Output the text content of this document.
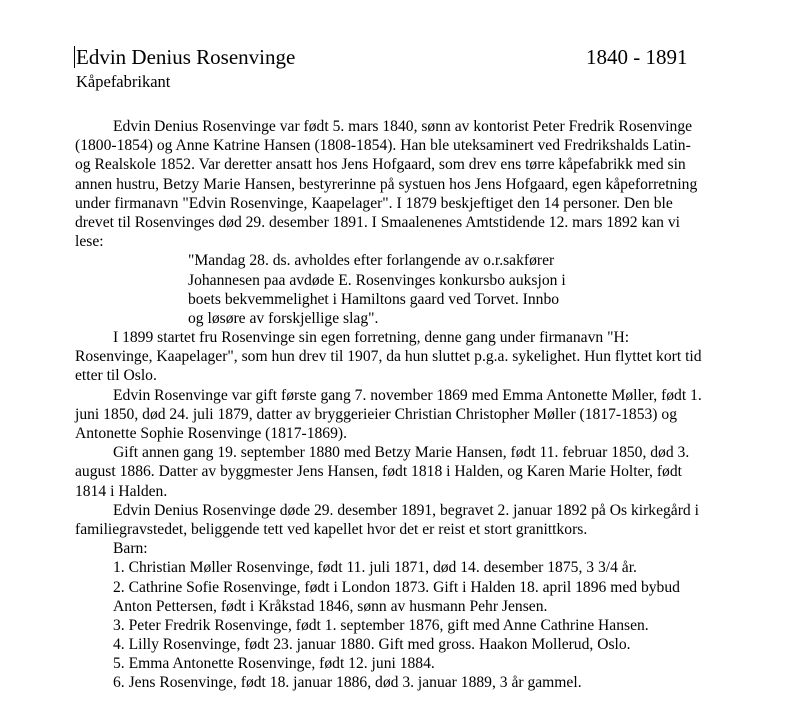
Edvin Denius Rosenvinge	1840 - 1891
Kåpefabrikant
Edvin Denius Rosenvinge var født 5. mars 1840, sønn av kontorist Peter Fredrik Rosenvinge
(1800-1854) og Anne Katrine Hansen (1808-1854). Han ble uteksaminert ved Fredrikshalds Latin-
og Realskole 1852. Var deretter ansatt hos Jens Hofgaard, som drev ens tørre kåpefabrikk med sin
annen hustru, Betzy Marie Hansen, bestyrerinne på systuen hos Jens Hofgaard, egen kåpeforretning
under firmanavn "Edvin Rosenvinge, Kaapelager". I 1879 beskjeftiget den 14 personer. Den ble
drevet til Rosenvinges død 29. desember 1891. I Smaalenenes Amtstidende 12. mars 1892 kan vi
lese:
"Mandag 28. ds. avholdes efter forlangende av o.r.sakfører
Johannesen paa avdøde E. Rosenvinges konkursbo auksjon i
boets bekvemmelighet i Hamiltons gaard ved Torvet. Innbo
og løsøre av forskjellige slag".
I 1899 startet fru Rosenvinge sin egen forretning, denne gang under firmanavn "H:
Rosenvinge, Kaapelager", som hun drev til 1907, da hun sluttet p.g.a. sykelighet. Hun flyttet kort tid
etter til Oslo.
Edvin Rosenvinge var gift første gang 7. november 1869 med Emma Antonette Møller, født 1.
juni 1850, død 24. juli 1879, datter av bryggerieier Christian Christopher Møller (1817-1853) og
Antonette Sophie Rosenvinge (1817-1869).
Gift annen gang 19. september 1880 med Betzy Marie Hansen, født 11. februar 1850, død 3.
august 1886. Datter av byggmester Jens Hansen, født 1818 i Halden, og Karen Marie Holter, født
1814 i Halden.
Edvin Denius Rosenvinge døde 29. desember 1891, begravet 2. januar 1892 på Os kirkegård i
familiegravstedet, beliggende tett ved kapellet hvor det er reist et stort granittkors.
Barn:
1. Christian Møller Rosenvinge, født 11. juli 1871, død 14. desember 1875, 3 3/4 år.
2. Cathrine Sofie Rosenvinge, født i London 1873. Gift i Halden 18. april 1896 med bybud
Anton Pettersen, født i Kråkstad 1846, sønn av husmann Pehr Jensen.
3. Peter Fredrik Rosenvinge, født 1. september 1876, gift med Anne Cathrine Hansen.
4. Lilly Rosenvinge, født 23. januar 1880. Gift med gross. Haakon Mollerud, Oslo.
5. Emma Antonette Rosenvinge, født 12. juni 1884.
6. Jens Rosenvinge, født 18. januar 1886, død 3. januar 1889, 3 år gammel.
